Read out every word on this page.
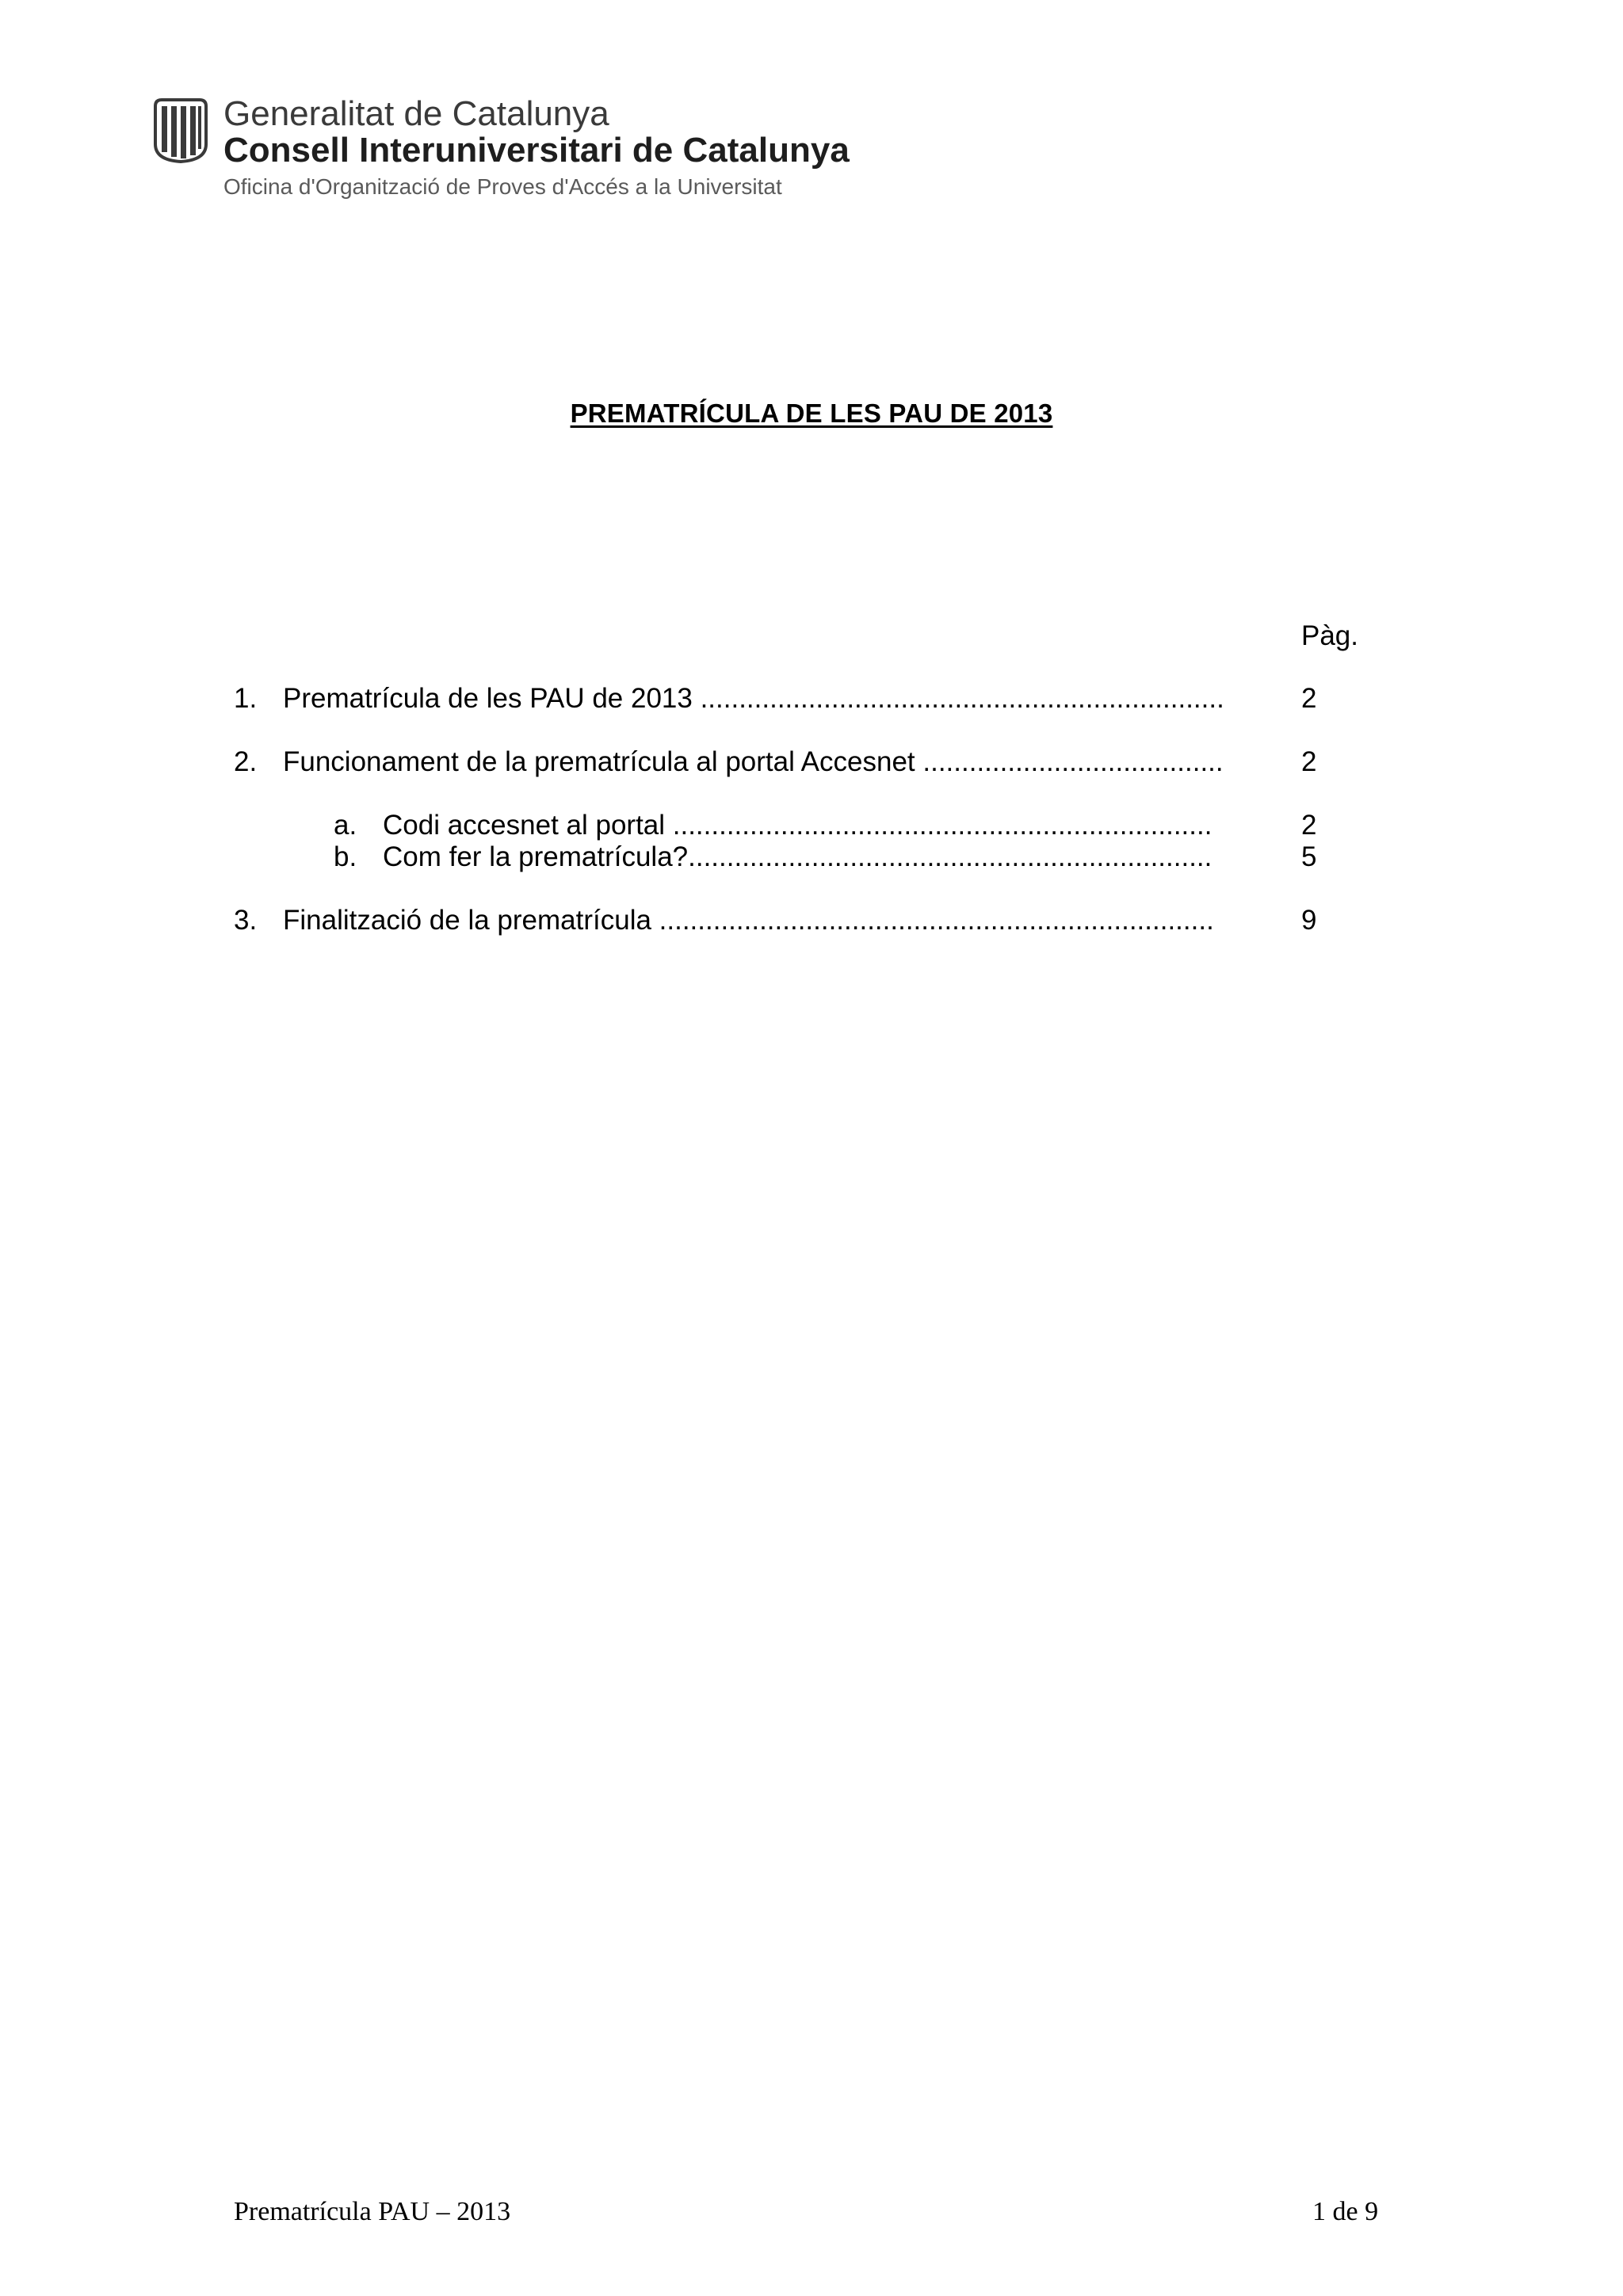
Generalitat de Catalunya
Consell Interuniversitari de Catalunya
Oficina d'Organització de Proves d'Accés a la Universitat
PREMATRÍCULA DE LES PAU DE 2013
Pàg.
1. Prematrícula de les PAU de 2013 ....................................................................	2
2. Funcionament de la prematrícula al portal Accesnet .......................................	2
a. Codi accesnet al portal ......................................................................	2
b. Com fer la prematrícula?....................................................................	5
3. Finalització de la prematrícula ........................................................................	9
Prematrícula PAU – 2013	1 de 9
